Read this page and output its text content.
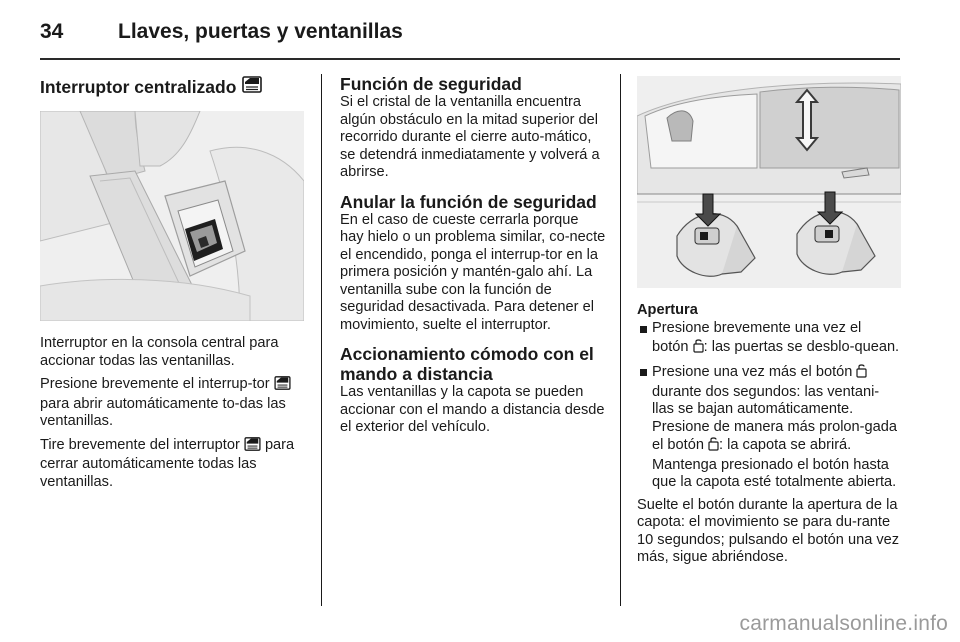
34	Llaves, puertas y ventanillas
Interruptor centralizado

Interruptor en la consola central para accionar todas las ventanillas.

Presione brevemente el interrup-tor  para abrir automáticamente to-das las ventanillas.

Tire brevemente del interruptor para cerrar automáticamente todas las ventanillas.

Función de seguridad

Si el cristal de la ventanilla encuentra algún obstáculo en la mitad superior del recorrido durante el cierre auto-mático, se detendrá inmediatamente y volverá a abrirse.

Anular la función de seguridad

En el caso de cueste cerrarla porque hay hielo o un problema similar, co-necte el encendido, ponga el interrup-tor en la primera posición y mantén-galo ahí. La ventanilla sube con la función de seguridad desactivada. Para detener el movimiento, suelte el interruptor.

Accionamiento cómodo con el mando a distancia

Las ventanillas y la capota se pueden accionar con el mando a distancia desde el exterior del vehículo.

Apertura
Presione brevemente una vez el botón : las puertas se desblo-quean.
Presione una vez más el botón  durante dos segundos: las ventani-llas se bajan automáticamente. Presione de manera más prolon-gada el botón : la capota se abrirá. Mantenga presionado el botón hasta que la capota esté totalmente abierta.

Suelte el botón durante la apertura de la capota: el movimiento se para du-rante 10 segundos; pulsando el botón una vez más, sigue abriéndose.

carmanualsonline.info
